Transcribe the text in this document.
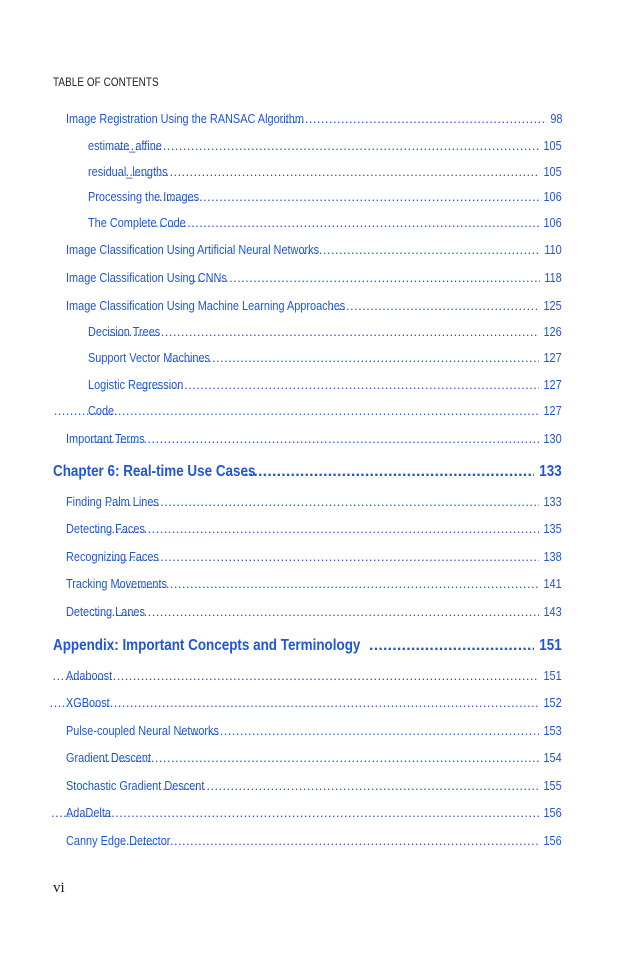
TABLE OF CONTENTS
Image Registration Using the RANSAC Algorithm .....	98
estimate_affine .....	105
residual_lengths .....	105
Processing the Images .....	106
The Complete Code .....	106
Image Classification Using Artificial Neural Networks .....	110
Image Classification Using CNNs .....	118
Image Classification Using Machine Learning Approaches .....	125
Decision Trees .....	126
Support Vector Machines .....	127
Logistic Regression .....	127
Code .....	127
Important Terms .....	130
Chapter 6: Real-time Use Cases .....	133
Finding Palm Lines .....	133
Detecting Faces .....	135
Recognizing Faces .....	138
Tracking Movements .....	141
Detecting Lanes .....	143
Appendix: Important Concepts and Terminology .....	151
Adaboost .....	151
XGBoost .....	152
Pulse-coupled Neural Networks .....	153
Gradient Descent .....	154
Stochastic Gradient Descent .....	155
AdaDelta .....	156
Canny Edge Detector .....	156
vi
